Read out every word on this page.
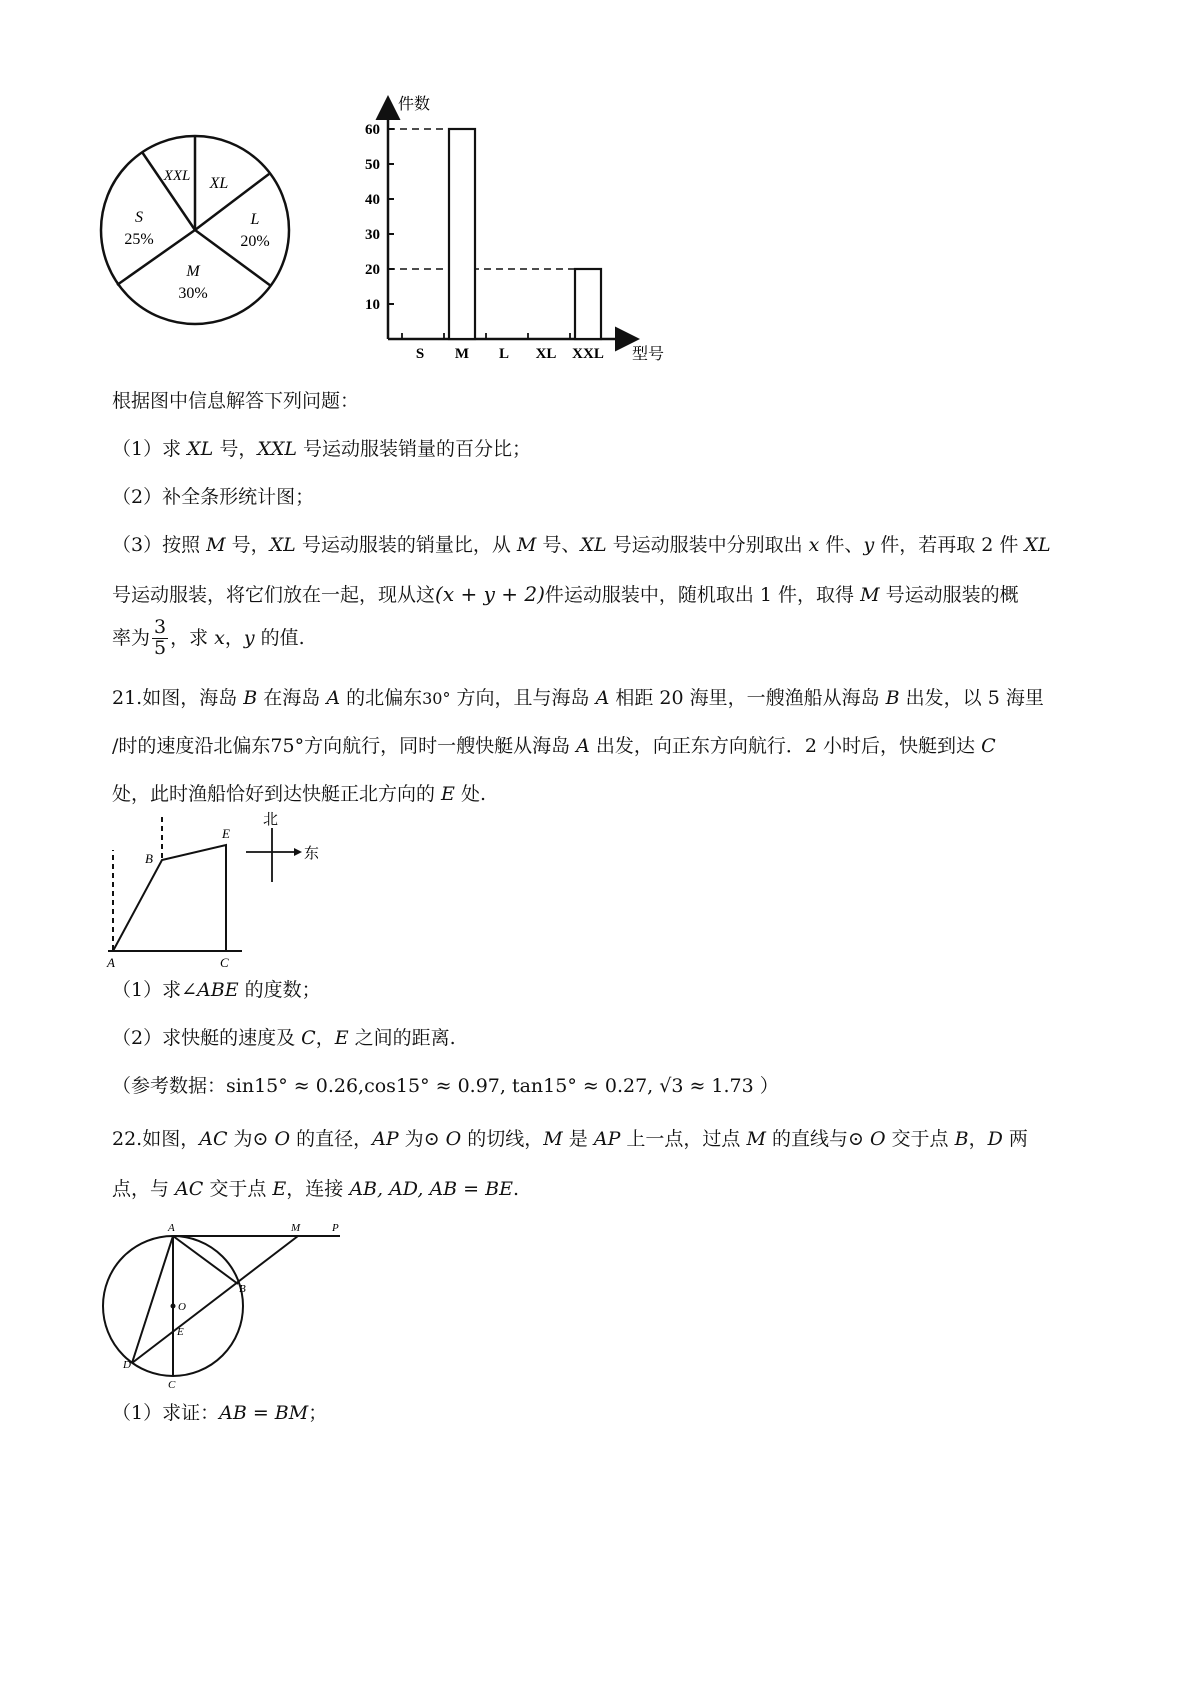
XXL XL
L
20%
M
30%
S
25%
件数
型号
10
20
30
40
50
60
S M L XL XXL
根据图中信息解答下列问题：
（1）求 XL 号，XXL 号运动服装销量的百分比；
（2）补全条形统计图；
（3）按照 M 号，XL 号运动服装的销量比，从 M 号、XL 号运动服装中分别取出 x 件、y 件，若再取 2 件 XL
号运动服装，将它们放在一起，现从这(x + y + 2)件运动服装中，随机取出 1 件，取得 M 号运动服装的概
率为 $\frac{3}{5}$ ，求 x，y 的值.
21.如图，海岛 B 在海岛 A 的北偏东30° 方向，且与海岛 A 相距 20 海里，一艘渔船从海岛 B 出发，以 5 海里
/时的速度沿北偏东75°方向航行，同时一艘快艇从海岛 A 出发，向正东方向航行．2 小时后，快艇到达 C
处，此时渔船恰好到达快艇正北方向的 E 处.
A
B
E
C
北
东
（1）求∠ABE 的度数；
（2）求快艇的速度及 C，E 之间的距离.
（参考数据：sin15° ≈ 0.26,cos15° ≈ 0.97, tan15° ≈ 0.27, √3 ≈ 1.73 ）
22.如图，AC 为⊙ O 的直径，AP 为⊙ O 的切线，M 是 AP 上一点，过点 M 的直线与⊙ O 交于点 B，D 两
点，与 AC 交于点 E，连接 AB, AD, AB = BE.
A	M	P
B
O
E
D
C
（1）求证：AB = BM；
